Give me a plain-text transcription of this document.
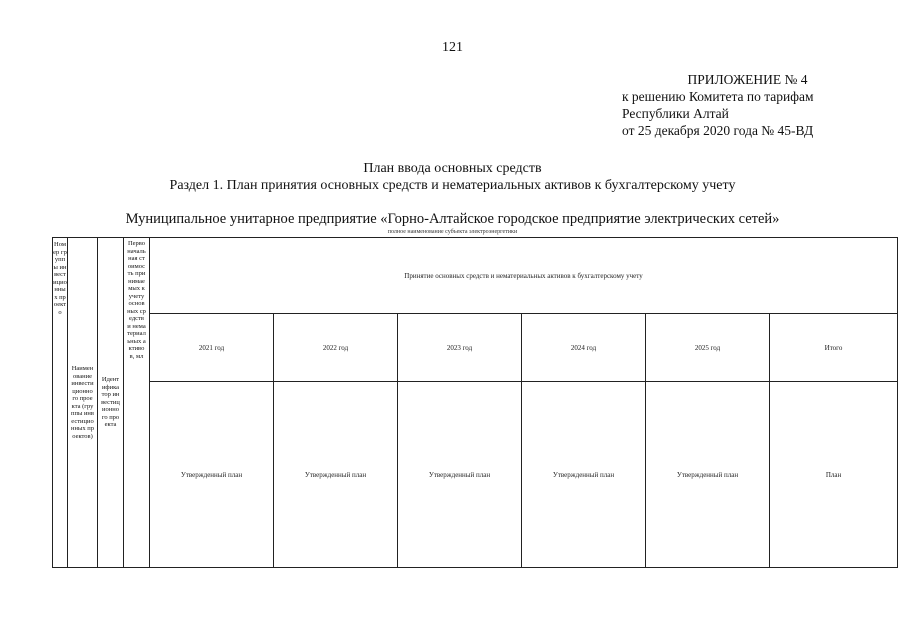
121
ПРИЛОЖЕНИЕ № 4
к решению Комитета по тарифам
Республики Алтай
от 25 декабря 2020 года № 45-ВД
План ввода основных средств
Раздел 1. План принятия основных средств и нематериальных активов к бухгалтерскому учету
Муниципальное унитарное предприятие «Горно-Алтайское городское предприятие электрических сетей»
полное наименование субъекта электроэнергетики
Номер группы инвестиционных проекто	Наименование инвестиционного проекта (группы инвестиционных проектов)	Идентификатор инвестиционного проекта	Первоначальная стоимость принимаемых к учету основных средств и нематериальных активов, мл	Принятие основных средств и нематериальных активов к бухгалтерскому учету					
				2021 год	2022 год	2023 год	2024 год	2025 год	Итого
				Утвержденный план	Утвержденный план	Утвержденный план	Утвержденный план	Утвержденный план	План
